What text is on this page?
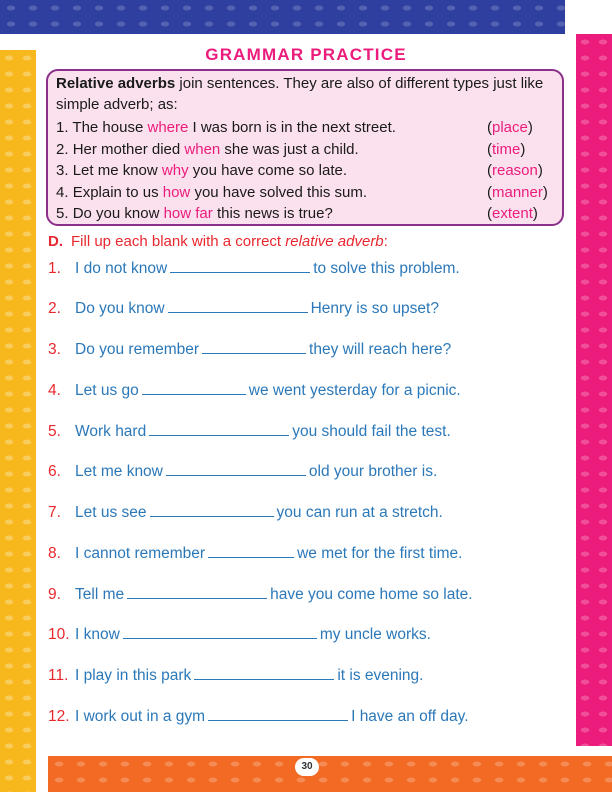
30
GRAMMAR PRACTICE
Relative adverbs join sentences. They are also of different types just like simple adverb; as:
1. The house where I was born is in the next street.	(place)
2. Her mother died when she was just a child.	(time)
3. Let me know why you have come so late.	(reason)
4. Explain to us how you have solved this sum.	(manner)
5. Do you know how far this news is true?	(extent)
D. Fill up each blank with a correct relative adverb:
1. I do not know	to solve this problem.
2. Do you know	Henry is so upset?
3. Do you remember	they will reach here?
4. Let us go	we went yesterday for a picnic.
5. Work hard	you should fail the test.
6. Let me know	old your brother is.
7. Let us see	you can run at a stretch.
8. I cannot remember	we met for the first time.
9. Tell me	have you come home so late.
10. I know	my uncle works.
11. I play in this park	it is evening.
12. I work out in a gym	I have an off day.
